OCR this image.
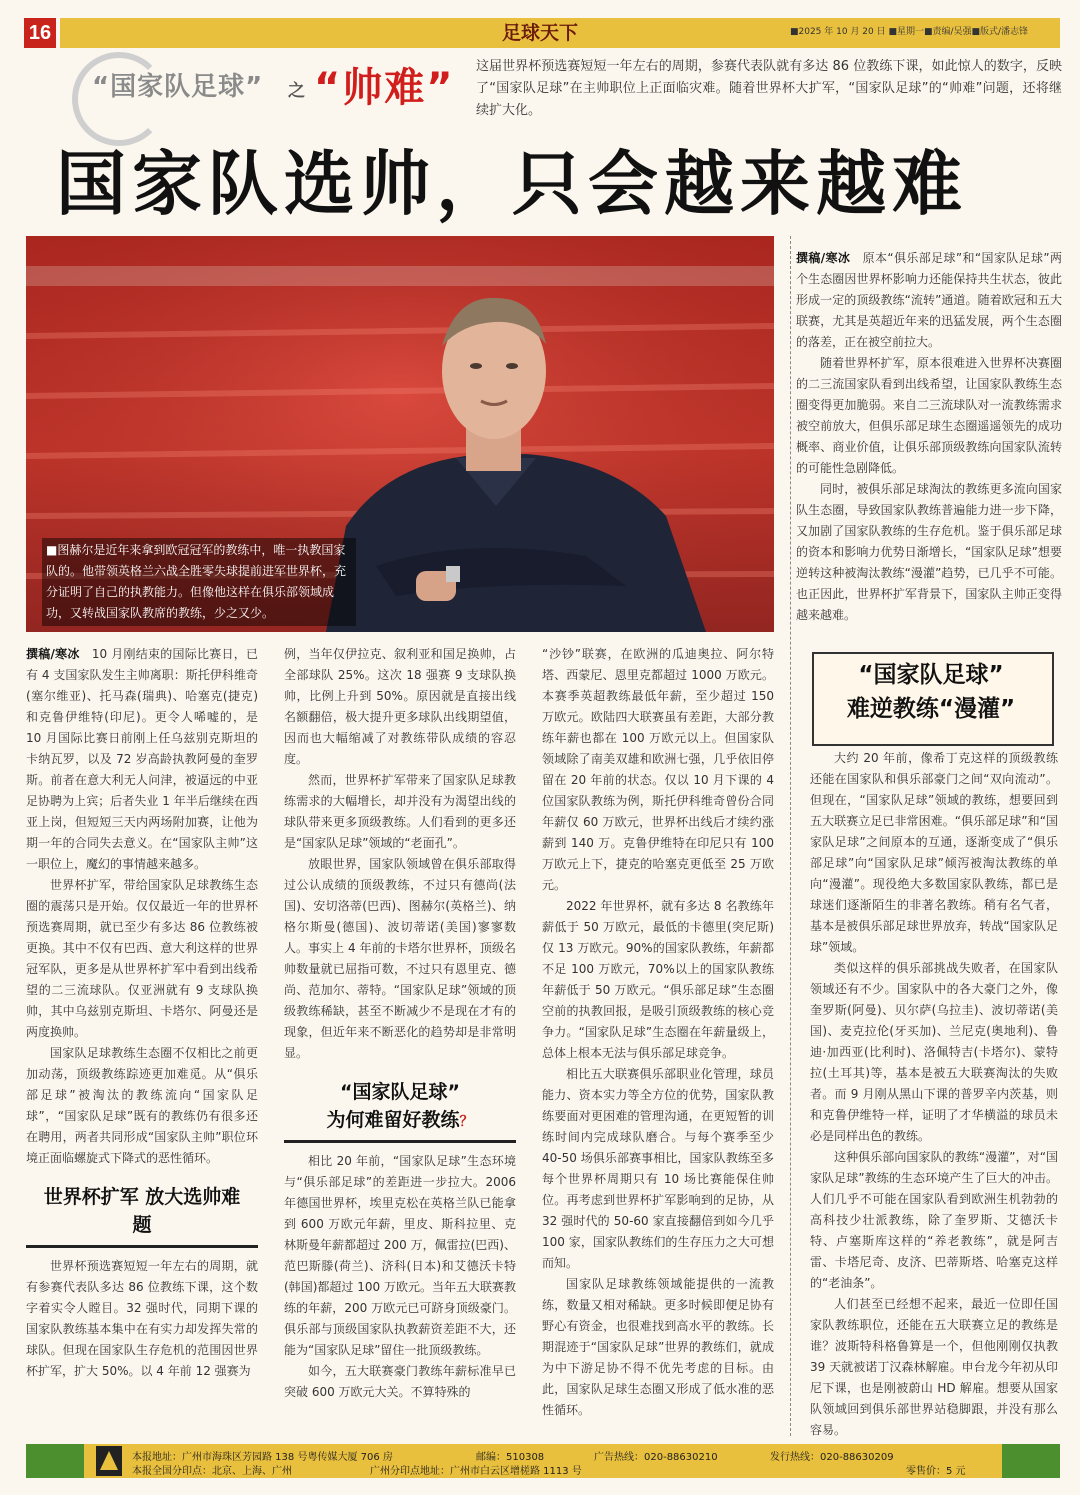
16	足球天下	■2025 年 10 月 20 日 ■星期一■责编/吴强■版式/潘志锋
“国家队足球” 之 “帅难” 这届世界杯预选赛短短一年左右的周期，参赛代表队就有多达 86 位教练下课，如此惊人的数字，反映了“国家队足球”在主帅职位上正面临灾难。随着世界杯大扩军，“国家队足球”的“帅难”问题，还将继续扩大化。
国家队选帅，只会越来越难
■图赫尔是近年来拿到欧冠冠军的教练中，唯一执教国家队的。他带领英格兰六战全胜零失球提前进军世界杯，充分证明了自己的执教能力。但像他这样在俱乐部领域成功，又转战国家队教席的教练，少之又少。

撰稿/寒冰　 10 月刚结束的国际比赛日，已有 4 支国家队发生主帅离职：斯托伊科维奇(塞尔维亚)、托马森(瑞典)、哈塞克(捷克)和克鲁伊维特(印尼)。更令人唏嘘的，是 10 月国际比赛日前刚上任乌兹别克斯坦的卡纳瓦罗，以及 72 岁高龄执教阿曼的奎罗斯。前者在意大利无人问津，被逼远的中亚足协聘为上宾；后者失业 1 年半后继续在西亚上岗，但短短三天内两场附加赛，让他为期一年的合同失去意义。在“国家队主帅”这一职位上，魔幻的事情越来越多。

世界杯扩军，带给国家队足球教练生态圈的震荡只是开始。仅仅最近一年的世界杯预选赛周期，就已至少有多达 86 位教练被更换。其中不仅有巴西、意大利这样的世界冠军队，更多是从世界杯扩军中看到出线希望的二三流球队。仅亚洲就有 9 支球队换帅，其中乌兹别克斯坦、卡塔尔、阿曼还是两度换帅。

国家队足球教练生态圈不仅相比之前更加动荡，顶级教练踪迹更加难觅。从“俱乐部足球”被淘汰的教练流向“国家队足球”，“国家队足球”既有的教练仍有很多还在聘用，两者共同形成“国家队主帅”职位环境正面临螺旋式下降式的恶性循环。

世界杯扩军 放大选帅难题

世界杯预选赛短短一年左右的周期，就有参赛代表队多达 86 位教练下课，这个数字着实令人瞠目。32 强时代，同期下课的国家队教练基本集中在有实力却发挥失常的球队。但现在国家队生存危机的范围因世界杯扩军，扩大 50%。以 4 年前 12 强赛为

例，当年仅伊拉克、叙利亚和国足换帅，占全部球队 25%。这次 18 强赛 9 支球队换帅，比例上升到 50%。原因就是直接出线名额翻倍，极大提升更多球队出线期望值，因而也大幅缩减了对教练带队成绩的容忍度。

然而，世界杯扩军带来了国家队足球教练需求的大幅增长，却并没有为渴望出线的球队带来更多顶级教练。人们看到的更多还是“国家队足球”领域的“老面孔”。

放眼世界，国家队领域曾在俱乐部取得过公认成绩的顶级教练，不过只有德尚(法国)、安切洛蒂(巴西)、图赫尔(英格兰)、纳格尔斯曼(德国)、波切蒂诺(美国)寥寥数人。事实上 4 年前的卡塔尔世界杯，顶级名帅数量就已屈指可数，不过只有恩里克、德尚、范加尔、蒂特。“国家队足球”领域的顶级教练稀缺，甚至不断减少不是现在才有的现象，但近年来不断恶化的趋势却是非常明显。

“国家队足球”
为何难留好教练？

相比 20 年前，“国家队足球”生态环境与“俱乐部足球”的差距进一步拉大。2006 年德国世界杯，埃里克松在英格兰队已能拿到 600 万欧元年薪，里皮、斯科拉里、克林斯曼年薪都超过 200 万，佩雷拉(巴西)、范巴斯滕(荷兰)、济科(日本)和艾德沃卡特(韩国)都超过 100 万欧元。当年五大联赛教练的年薪，200 万欧元已可跻身顶级豪门。俱乐部与顶级国家队执教薪资差距不大，还能为“国家队足球”留住一批顶级教练。

如今，五大联赛豪门教练年薪标准早已突破 600 万欧元大关。不算特殊的

“沙钞”联赛，在欧洲的瓜迪奥拉、阿尔特塔、西蒙尼、恩里克都超过 1000 万欧元。本赛季英超教练最低年薪，至少超过 150 万欧元。欧陆四大联赛虽有差距，大部分教练年薪也都在 100 万欧元以上。但国家队领域除了南美双雄和欧洲七强，几乎依旧停留在 20 年前的状态。仅以 10 月下课的 4 位国家队教练为例，斯托伊科维奇曾份合同年薪仅 60 万欧元，世界杯出线后才续约涨薪到 140 万。克鲁伊维特在印尼只有 100 万欧元上下，捷克的哈塞克更低至 25 万欧元。

2022 年世界杯，就有多达 8 名教练年薪低于 50 万欧元，最低的卡德里(突尼斯)仅 13 万欧元。90%的国家队教练，年薪都不足 100 万欧元，70%以上的国家队教练年薪低于 50 万欧元。“俱乐部足球”生态圈空前的执教回报，是吸引顶级教练的核心竞争力。“国家队足球”生态圈在年薪量级上，总体上根本无法与俱乐部足球竞争。

相比五大联赛俱乐部职业化管理，球员能力、资本实力等全方位的优势，国家队教练要面对更困难的管理沟通，在更短暂的训练时间内完成球队磨合。与每个赛季至少 40-50 场俱乐部赛事相比，国家队教练至多每个世界杯周期只有 10 场比赛能保住帅位。再考虑到世界杯扩军影响到的足协，从 32 强时代的 50-60 家直接翻倍到如今几乎 100 家，国家队教练们的生存压力之大可想而知。

国家队足球教练领域能提供的一流教练，数量又相对稀缺。更多时候即便足协有野心有资金，也很难找到高水平的教练。长期混迹于“国家队足球”世界的教练们，就成为中下游足协不得不优先考虑的目标。由此，国家队足球生态圈又形成了低水准的恶性循环。

撰稿/寒冰　 原本“俱乐部足球”和“国家队足球”两个生态圈因世界杯影响力还能保持共生状态，彼此形成一定的顶级教练“流转”通道。随着欧冠和五大联赛，尤其是英超近年来的迅猛发展，两个生态圈的落差，正在被空前拉大。

随着世界杯扩军，原本很难进入世界杯决赛圈的二三流国家队看到出线希望，让国家队教练生态圈变得更加脆弱。来自二三流球队对一流教练需求被空前放大，但俱乐部足球生态圈遥遥领先的成功概率、商业价值，让俱乐部顶级教练向国家队流转的可能性急剧降低。

同时，被俱乐部足球淘汰的教练更多流向国家队生态圈，导致国家队教练普遍能力进一步下降，又加剧了国家队教练的生存危机。鉴于俱乐部足球的资本和影响力优势日渐增长，“国家队足球”想要逆转这种被淘汰教练“漫灌”趋势，已几乎不可能。也正因此，世界杯扩军背景下，国家队主帅正变得越来越难。

“国家队足球”
难逆教练“漫灌”

大约 20 年前，像希丁克这样的顶级教练还能在国家队和俱乐部豪门之间“双向流动”。但现在，“国家队足球”领域的教练，想要回到五大联赛立足已非常困难。“俱乐部足球”和“国家队足球”之间原本的互通，逐渐变成了“俱乐部足球”向“国家队足球”倾泻被淘汰教练的单向“漫灌”。现役绝大多数国家队教练，都已是球迷们逐渐陌生的非著名教练。稍有名气者，基本是被俱乐部足球世界放弃，转战“国家队足球”领域。

类似这样的俱乐部挑战失败者，在国家队领域还有不少。国家队中的各大豪门之外，像奎罗斯(阿曼)、贝尔萨(乌拉圭)、波切蒂诺(美国)、麦克拉伦(牙买加)、兰尼克(奥地利)、鲁迪·加西亚(比利时)、洛佩特吉(卡塔尔)、蒙特拉(土耳其)等，基本是被五大联赛淘汰的失败者。而 9 月刚从黑山下课的普罗辛内茨基，则和克鲁伊维特一样，证明了才华横溢的球员未必是同样出色的教练。

这种俱乐部向国家队的教练“漫灌”，对“国家队足球”教练的生态环境产生了巨大的冲击。人们几乎不可能在国家队看到欧洲生机勃勃的高科技少壮派教练，除了奎罗斯、艾德沃卡特、卢塞斯库这样的“养老教练”，就是阿吉雷、卡塔尼奇、皮济、巴蒂斯塔、哈塞克这样的“老油条”。

人们甚至已经想不起来，最近一位即任国家队教练职位，还能在五大联赛立足的教练是谁？波斯特科格鲁算是一个，但他刚刚仅执教 39 天就被诺丁汉森林解雇。申台龙今年初从印尼下课，也是刚被蔚山 HD 解雇。想要从国家队领域回到俱乐部世界站稳脚跟，并没有那么容易。

本报地址：广州市海珠区芳园路 138 号粤传媒大厦 706 房	邮编：510308	广告热线：020-88630210	发行热线：020-88630209
本报全国分印点：北京、上海、广州	广州分印点地址：广州市白云区增槎路 1113 号	零售价：5 元
